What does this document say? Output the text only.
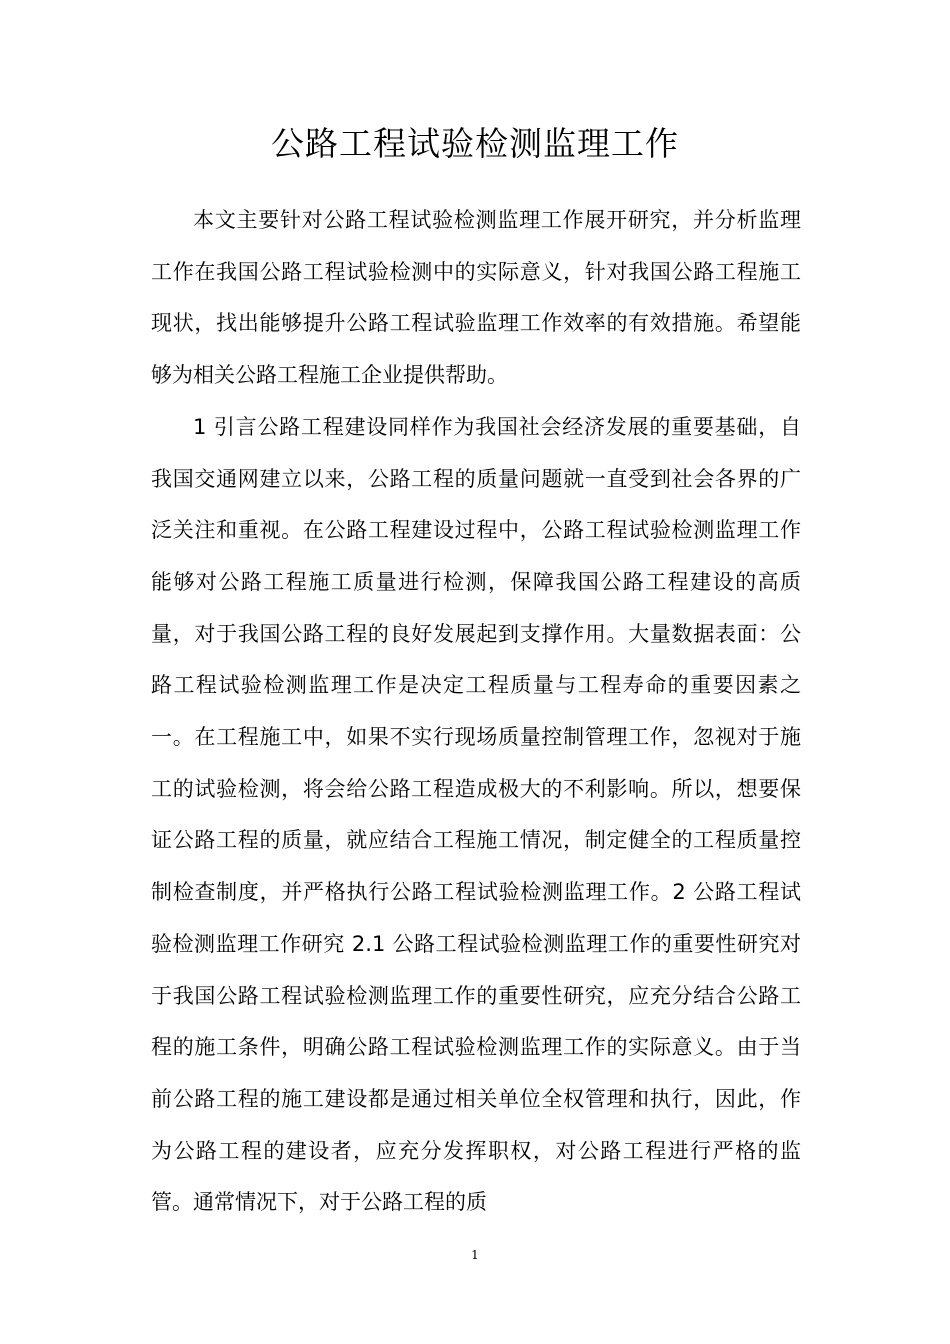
公路工程试验检测监理工作

本文主要针对公路工程试验检测监理工作展开研究，并分析监理工作在我国公路工程试验检测中的实际意义，针对我国公路工程施工现状，找出能够提升公路工程试验监理工作效率的有效措施。希望能够为相关公路工程施工企业提供帮助。

1 引言公路工程建设同样作为我国社会经济发展的重要基础，自我国交通网建立以来，公路工程的质量问题就一直受到社会各界的广泛关注和重视。在公路工程建设过程中，公路工程试验检测监理工作能够对公路工程施工质量进行检测，保障我国公路工程建设的高质量，对于我国公路工程的良好发展起到支撑作用。大量数据表面：公路工程试验检测监理工作是决定工程质量与工程寿命的重要因素之一。在工程施工中，如果不实行现场质量控制管理工作，忽视对于施工的试验检测，将会给公路工程造成极大的不利影响。所以，想要保证公路工程的质量，就应结合工程施工情况，制定健全的工程质量控制检查制度，并严格执行公路工程试验检测监理工作。2 公路工程试验检测监理工作研究 2.1 公路工程试验检测监理工作的重要性研究对于我国公路工程试验检测监理工作的重要性研究，应充分结合公路工程的施工条件，明确公路工程试验检测监理工作的实际意义。由于当前公路工程的施工建设都是通过相关单位全权管理和执行，因此，作为公路工程的建设者，应充分发挥职权，对公路工程进行严格的监管。通常情况下，对于公路工程的质

1
